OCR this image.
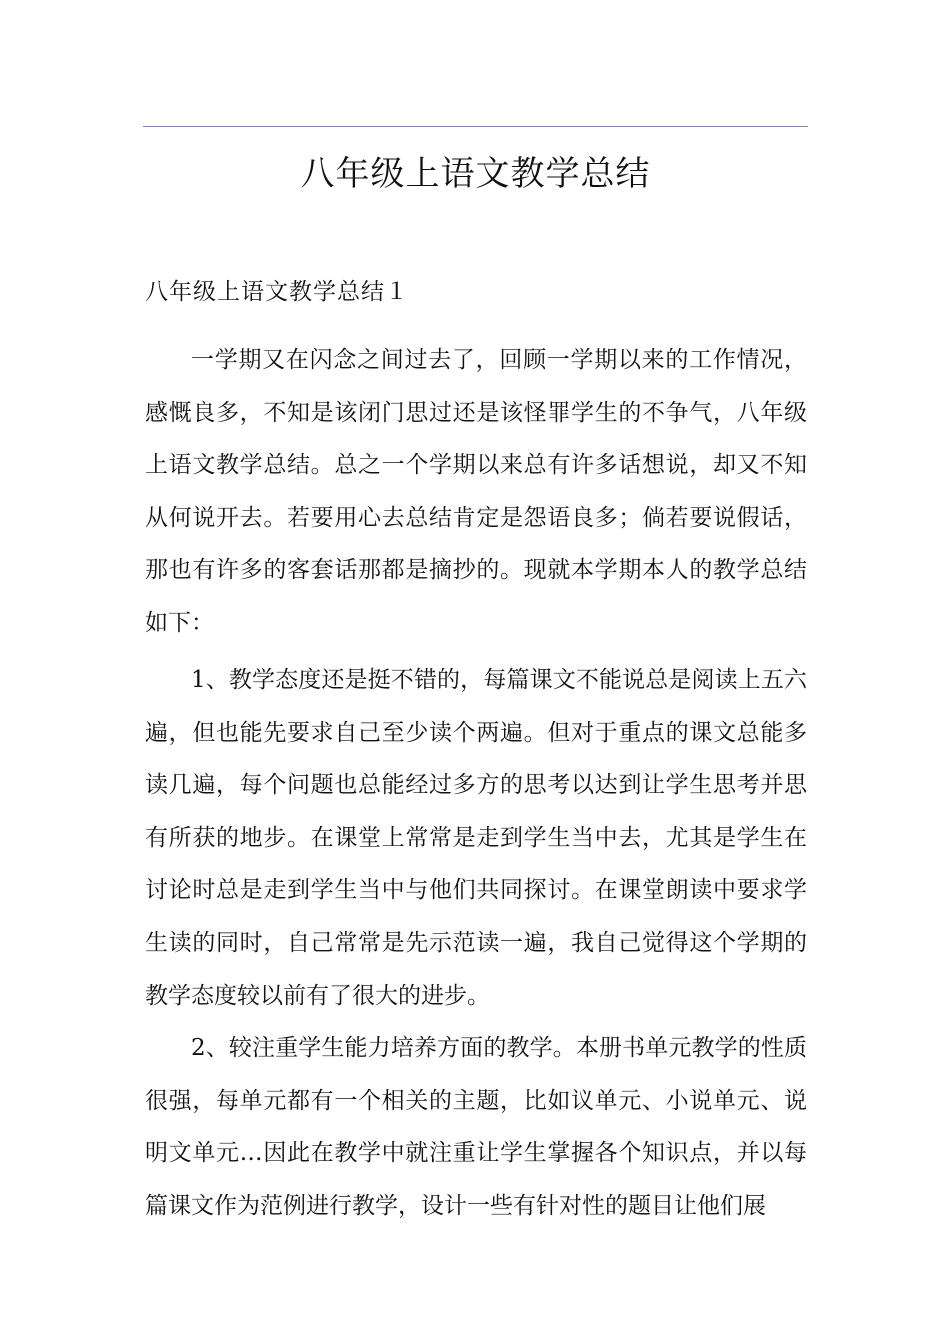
八年级上语文教学总结
八年级上语文教学总结１

一学期又在闪念之间过去了，回顾一学期以来的工作情况，感慨良多，不知是该闭门思过还是该怪罪学生的不争气，八年级上语文教学总结。总之一个学期以来总有许多话想说，却又不知从何说开去。若要用心去总结肯定是怨语良多；倘若要说假话，那也有许多的客套话那都是摘抄的。现就本学期本人的教学总结如下：

1、教学态度还是挺不错的，每篇课文不能说总是阅读上五六遍，但也能先要求自己至少读个两遍。但对于重点的课文总能多读几遍，每个问题也总能经过多方的思考以达到让学生思考并思有所获的地步。在课堂上常常是走到学生当中去，尤其是学生在讨论时总是走到学生当中与他们共同探讨。在课堂朗读中要求学生读的同时，自己常常是先示范读一遍，我自己觉得这个学期的教学态度较以前有了很大的进步。

2、较注重学生能力培养方面的教学。本册书单元教学的性质很强，每单元都有一个相关的主题，比如议单元、小说单元、说明文单元…因此在教学中就注重让学生掌握各个知识点，并以每篇课文作为范例进行教学，设计一些有针对性的题目让他们展
